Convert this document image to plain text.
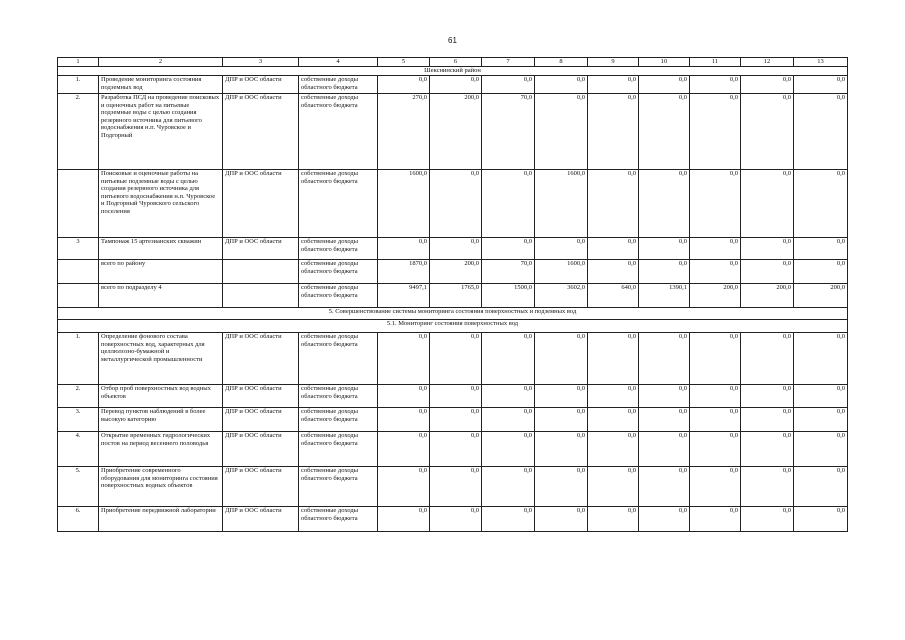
61
1	2	3	4	5	6	7	8	9	10	11	12	13
Шекснинский район												
1.	Проведение мониторинга состояния подземных вод	ДПР и ООС области	собственные доходы областного бюджета	0,0	0,0	0,0	0,0	0,0	0,0	0,0	0,0	0,0
2.	Разработка ПСД на проведение поисковых и оценочных работ на питьевые подземные воды с целью создания резервного источника для питьевого водоснабжения н.п. Чуровское и Подгорный	ДПР и ООС области	собственные доходы областного бюджета	270,0	200,0	70,0	0,0	0,0	0,0	0,0	0,0	0,0
	Поисковые и оценочные работы на питьевые подземные воды с целью создания резервного источника для питьевого водоснабжения н.п. Чуровское и Подгорный Чуровского сельского поселения	ДПР и ООС области	собственные доходы областного бюджета	1600,0	0,0	0,0	1600,0	0,0	0,0	0,0	0,0	0,0
3	Тампонаж 15 артезианских скважин	ДПР и ООС области	собственные доходы областного бюджета	0,0	0,0	0,0	0,0	0,0	0,0	0,0	0,0	0,0
	всего по району		собственные доходы областного бюджета	1870,0	200,0	70,0	1600,0	0,0	0,0	0,0	0,0	0,0
	всего по подразделу 4		собственные доходы областного бюджета	9497,1	1765,0	1500,0	3602,0	640,0	1390,1	200,0	200,0	200,0
5. Совершенствование системы мониторинга состояния поверхностных и подземных вод												
5.1. Мониторинг состояния поверхностных вод												
1.	Определение фонового состава поверхностных вод, характерных для целлюлозно-бумажной и металлургической промышленности	ДПР и ООС области	собственные доходы областного бюджета	0,0	0,0	0,0	0,0	0,0	0,0	0,0	0,0	0,0
2.	Отбор проб поверхностных вод водных объектов	ДПР и ООС области	собственные доходы областного бюджета	0,0	0,0	0,0	0,0	0,0	0,0	0,0	0,0	0,0
3.	Перевод пунктов наблюдений в более высокую категорию	ДПР и ООС области	собственные доходы областного бюджета	0,0	0,0	0,0	0,0	0,0	0,0	0,0	0,0	0,0
4.	Открытие временных гидрологических постов на период весеннего половодья	ДПР и ООС области	собственные доходы областного бюджета	0,0	0,0	0,0	0,0	0,0	0,0	0,0	0,0	0,0
5.	Приобретение современного оборудования для мониторинга состояния поверхностных водных объектов	ДПР и ООС области	собственные доходы областного бюджета	0,0	0,0	0,0	0,0	0,0	0,0	0,0	0,0	0,0
6.	Приобретение передвижной лаборатории	ДПР и ООС области	собственные доходы областного бюджета	0,0	0,0	0,0	0,0	0,0	0,0	0,0	0,0	0,0
